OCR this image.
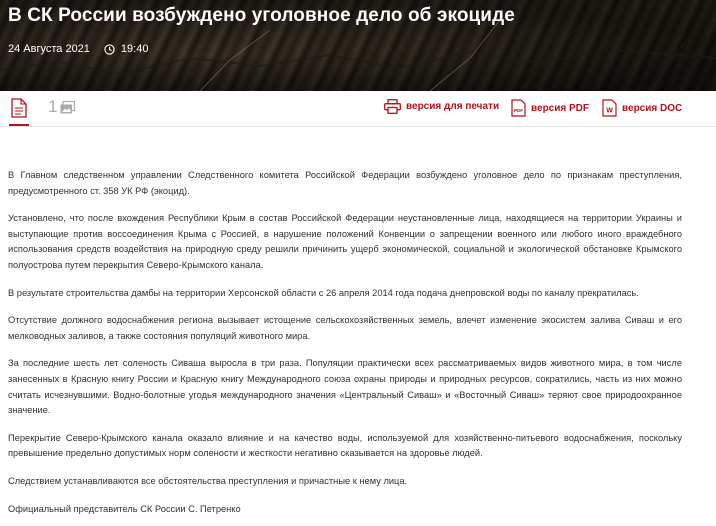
В СК России возбуждено уголовное дело об экоциде
24 Августа 2021	19:40
1	версия для печати	PDF версия PDF W версия DOC

В Главном следственном управлении Следственного комитета Российской Федерации возбуждено уголовное дело по признакам преступления, предусмотренного ст. 358 УК РФ (экоцид).

Установлено, что после вхождения Республики Крым в состав Российской Федерации неустановленные лица, находящиеся на территории Украины и выступающие против воссоединения Крыма с Россией, в нарушение положений Конвенции о запрещении военного или любого иного враждебного использования средств воздействия на природную среду решили причинить ущерб экономической, социальной и экологической обстановке Крымского полуострова путем перекрытия Северо-Крымского канала.

В результате строительства дамбы на территории Херсонской области с 26 апреля 2014 года подача днепровской воды по каналу прекратилась.

Отсутствие должного водоснабжения региона вызывает истощение сельскохозяйственных земель, влечет изменение экосистем залива Сиваш и его мелководных заливов, а также состояния популяций животного мира.

За последние шесть лет соленость Сиваша выросла в три раза. Популяции практически всех рассматриваемых видов животного мира, в том числе занесенных в Красную книгу России и Красную книгу Международного союза охраны природы и природных ресурсов, сократились, часть из них можно считать исчезнувшими. Водно-болотные угодья международного значения «Центральный Сиваш» и «Восточный Сиваш» теряют свое природоохранное значение.

Перекрытие Северо-Крымского канала оказало влияние и на качество воды, используемой для хозяйственно-питьевого водоснабжения, поскольку превышение предельно допустимых норм солености и жесткости негативно сказывается на здоровье людей.

Следствием устанавливаются все обстоятельства преступления и причастные к нему лица.

Официальный представитель СК России С. Петренко
